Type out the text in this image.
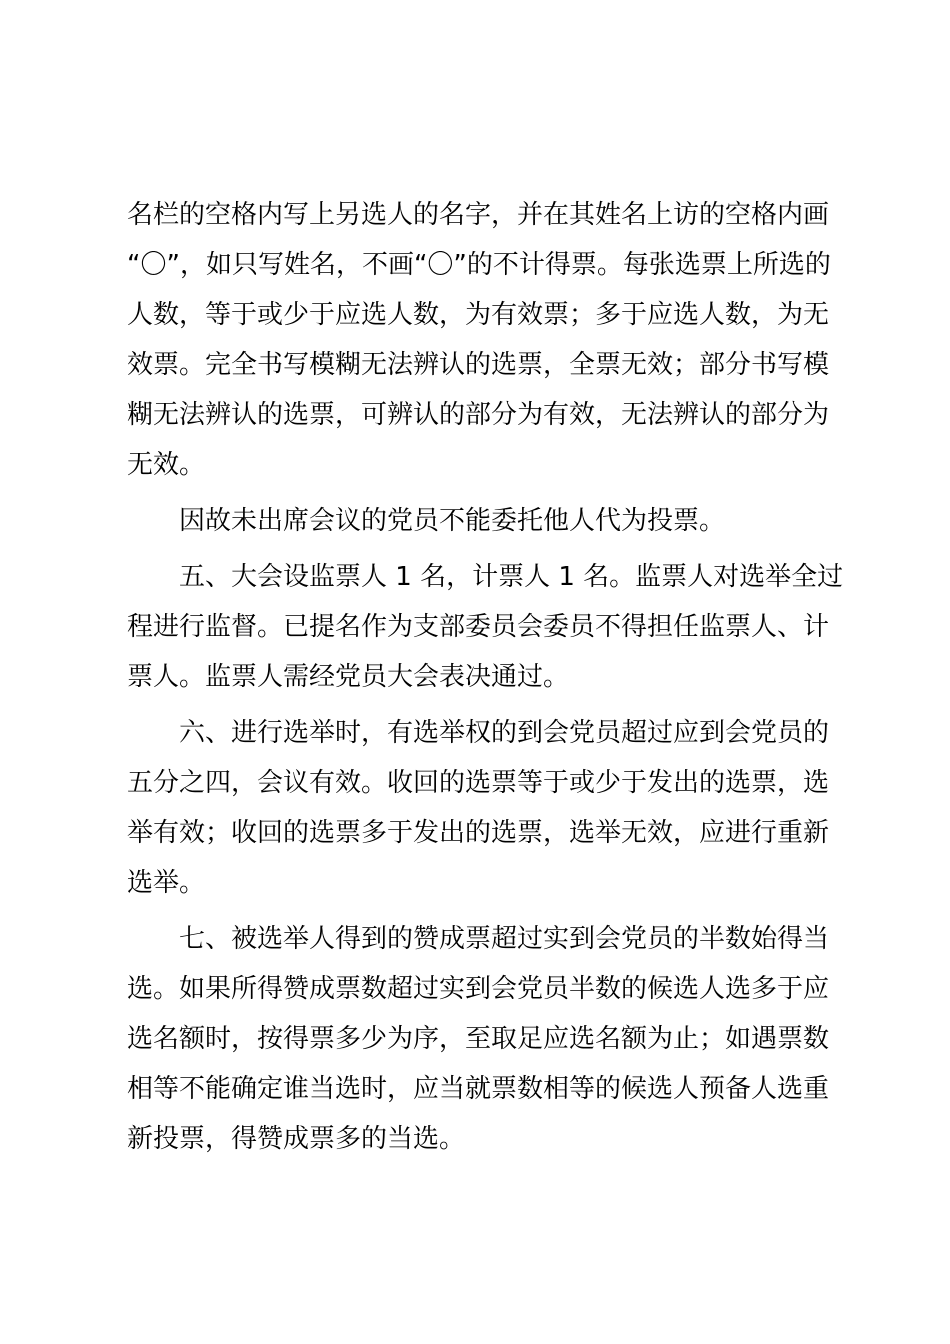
名栏的空格内写上另选人的名字，并在其姓名上访的空格内画
“〇”，如只写姓名，不画“〇”的不计得票。每张选票上所选的
人数，等于或少于应选人数，为有效票；多于应选人数，为无
效票。完全书写模糊无法辨认的选票，全票无效；部分书写模
糊无法辨认的选票，可辨认的部分为有效，无法辨认的部分为
无效。
因故未出席会议的党员不能委托他人代为投票。
五、大会设监票人 1 名，计票人 1 名。监票人对选举全过
程进行监督。已提名作为支部委员会委员不得担任监票人、计
票人。监票人需经党员大会表决通过。
六、进行选举时，有选举权的到会党员超过应到会党员的
五分之四，会议有效。收回的选票等于或少于发出的选票，选
举有效；收回的选票多于发出的选票，选举无效，应进行重新
选举。
七、被选举人得到的赞成票超过实到会党员的半数始得当
选。如果所得赞成票数超过实到会党员半数的候选人选多于应
选名额时，按得票多少为序，至取足应选名额为止；如遇票数
相等不能确定谁当选时，应当就票数相等的候选人预备人选重
新投票，得赞成票多的当选。
